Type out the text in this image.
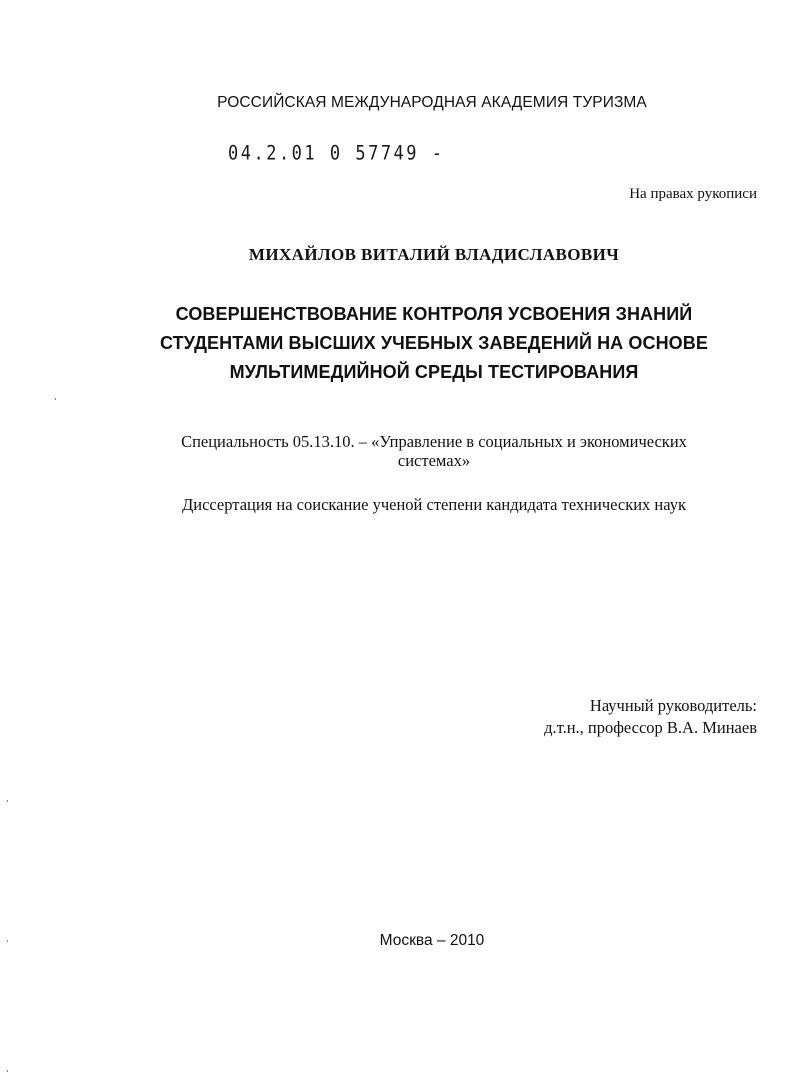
РОССИЙСКАЯ МЕЖДУНАРОДНАЯ АКАДЕМИЯ ТУРИЗМА
04.2.01 0 57749 -
На правах рукописи
МИХАЙЛОВ ВИТАЛИЙ ВЛАДИСЛАВОВИЧ
СОВЕРШЕНСТВОВАНИЕ КОНТРОЛЯ УСВОЕНИЯ ЗНАНИЙ
СТУДЕНТАМИ ВЫСШИХ УЧЕБНЫХ ЗАВЕДЕНИЙ НА ОСНОВЕ
МУЛЬТИМЕДИЙНОЙ СРЕДЫ ТЕСТИРОВАНИЯ
Специальность 05.13.10. – «Управление в социальных и экономических
системах»
Диссертация на соискание ученой степени кандидата технических наук
Научный руководитель:
д.т.н., профессор В.А. Минаев
Москва – 2010
